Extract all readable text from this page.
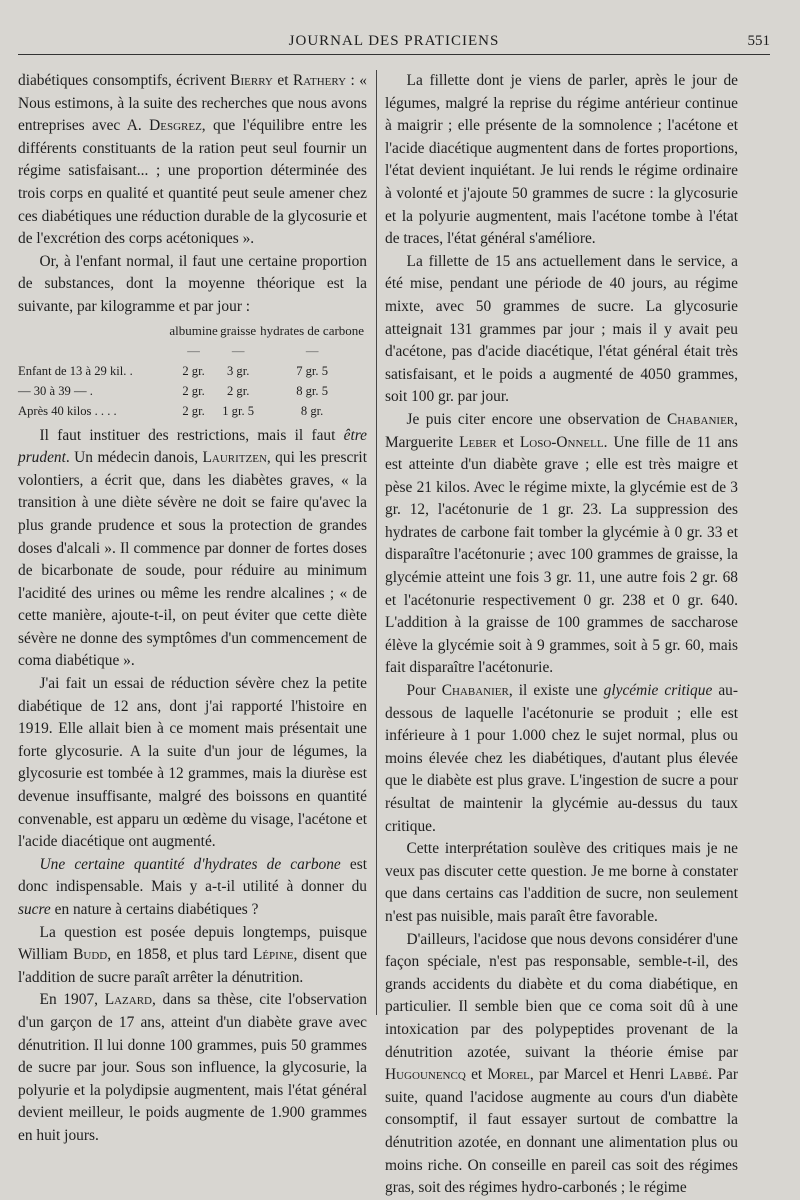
JOURNAL DES PRATICIENS	551

diabétiques consomptifs, écrivent Bierry et Rathery : « Nous estimons, à la suite des recherches que nous avons entreprises avec A. Desgrez, que l'équilibre entre les différents constituants de la ration peut seul fournir un régime satisfaisant... ; une proportion déterminée des trois corps en qualité et quantité peut seule amener chez ces diabétiques une réduction durable de la glycosurie et de l'excrétion des corps acétoniques ».

Or, à l'enfant normal, il faut une certaine proportion de substances, dont la moyenne théorique est la suivante, par kilogramme et par jour :

	albumine	graisse	hydrates de carbone
	—	—	—
Enfant de 13 à 29 kil. .	2 gr.	3 gr.	7 gr. 5
— 30 à 39 — .	2 gr.	2 gr.	8 gr. 5
Après 40 kilos . . . .	2 gr.	1 gr. 5	8 gr.

Il faut instituer des restrictions, mais il faut être prudent. Un médecin danois, Lauritzen, qui les prescrit volontiers, a écrit que, dans les diabètes graves, « la transition à une diète sévère ne doit se faire qu'avec la plus grande prudence et sous la protection de grandes doses d'alcali ». Il commence par donner de fortes doses de bicarbonate de soude, pour réduire au minimum l'acidité des urines ou même les rendre alcalines ; « de cette manière, ajoute-t-il, on peut éviter que cette diète sévère ne donne des symptômes d'un commencement de coma diabétique ».

J'ai fait un essai de réduction sévère chez la petite diabétique de 12 ans, dont j'ai rapporté l'histoire en 1919. Elle allait bien à ce moment mais présentait une forte glycosurie. A la suite d'un jour de légumes, la glycosurie est tombée à 12 grammes, mais la diurèse est devenue insuffisante, malgré des boissons en quantité convenable, est apparu un œdème du visage, l'acétone et l'acide diacétique ont augmenté.

Une certaine quantité d'hydrates de carbone est donc indispensable. Mais y a-t-il utilité à donner du sucre en nature à certains diabétiques ?

La question est posée depuis longtemps, puisque William Budd, en 1858, et plus tard Lépine, disent que l'addition de sucre paraît arrêter la dénutrition.

En 1907, Lazard, dans sa thèse, cite l'observation d'un garçon de 17 ans, atteint d'un diabète grave avec dénutrition. Il lui donne 100 grammes, puis 50 grammes de sucre par jour. Sous son influence, la glycosurie, la polyurie et la polydipsie augmentent, mais l'état général devient meilleur, le poids augmente de 1.900 grammes en huit jours.

La fillette dont je viens de parler, après le jour de légumes, malgré la reprise du régime antérieur continue à maigrir ; elle présente de la somnolence ; l'acétone et l'acide diacétique augmentent dans de fortes proportions, l'état devient inquiétant. Je lui rends le régime ordinaire à volonté et j'ajoute 50 grammes de sucre : la glycosurie et la polyurie augmentent, mais l'acétone tombe à l'état de traces, l'état général s'améliore.

La fillette de 15 ans actuellement dans le service, a été mise, pendant une période de 40 jours, au régime mixte, avec 50 grammes de sucre. La glycosurie atteignait 131 grammes par jour ; mais il y avait peu d'acétone, pas d'acide diacétique, l'état général était très satisfaisant, et le poids a augmenté de 4050 grammes, soit 100 gr. par jour.

Je puis citer encore une observation de Chabanier, Marguerite Leber et Loso-Onnell. Une fille de 11 ans est atteinte d'un diabète grave ; elle est très maigre et pèse 21 kilos. Avec le régime mixte, la glycémie est de 3 gr. 12, l'acétonurie de 1 gr. 23. La suppression des hydrates de carbone fait tomber la glycémie à 0 gr. 33 et disparaître l'acétonurie ; avec 100 grammes de graisse, la glycémie atteint une fois 3 gr. 11, une autre fois 2 gr. 68 et l'acétonurie respectivement 0 gr. 238 et 0 gr. 640. L'addition à la graisse de 100 grammes de saccharose élève la glycémie soit à 9 grammes, soit à 5 gr. 60, mais fait disparaître l'acétonurie.

Pour Chabanier, il existe une glycémie critique au-dessous de laquelle l'acétonurie se produit ; elle est inférieure à 1 pour 1.000 chez le sujet normal, plus ou moins élevée chez les diabétiques, d'autant plus élevée que le diabète est plus grave. L'ingestion de sucre a pour résultat de maintenir la glycémie au-dessus du taux critique.

Cette interprétation soulève des critiques mais je ne veux pas discuter cette question. Je me borne à constater que dans certains cas l'addition de sucre, non seulement n'est pas nuisible, mais paraît être favorable.

D'ailleurs, l'acidose que nous devons considérer d'une façon spéciale, n'est pas responsable, semble-t-il, des grands accidents du diabète et du coma diabétique, en particulier. Il semble bien que ce coma soit dû à une intoxication par des polypeptides provenant de la dénutrition azotée, suivant la théorie émise par Hugounencq et Morel, par Marcel et Henri Labbé. Par suite, quand l'acidose augmente au cours d'un diabète consomptif, il faut essayer surtout de combattre la dénutrition azotée, en donnant une alimentation plus ou moins riche. On conseille en pareil cas soit des régimes gras, soit des régimes hydro-carbonés ; le régime
